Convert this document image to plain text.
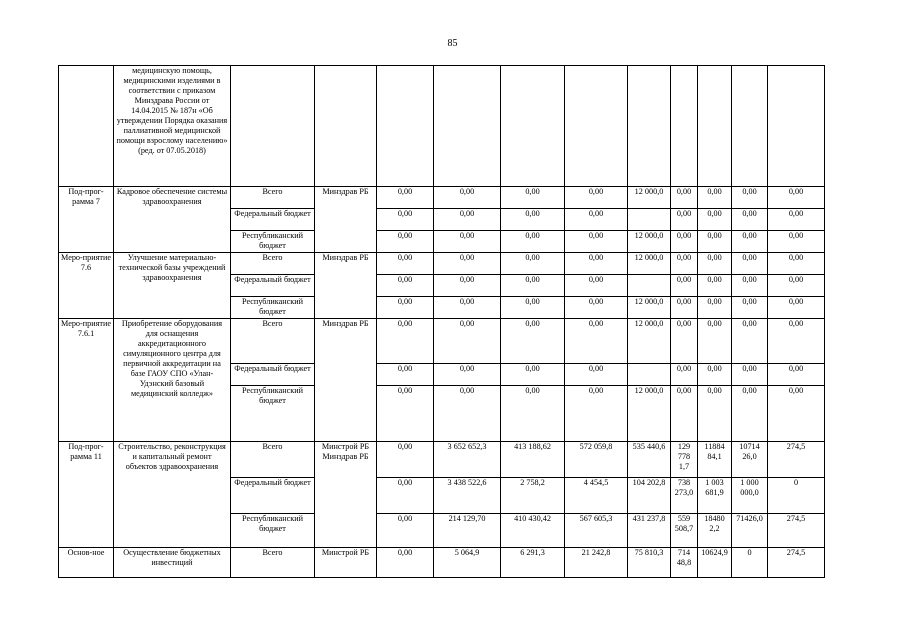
85
	медицинскую помощь, медицинскими изделиями в соответствии с приказом Минздрава России от 14.04.2015 № 187н «Об утверждении Порядка оказания паллиативной медицинской помощи взрослому населению» (ред. от 07.05.2018)											
Под-прог-рамма 7	Кадровое обеспечение системы здравоохранения	Всего	Минздрав РБ	0,00	0,00	0,00	0,00	12 000,0	0,00	0,00	0,00	0,00
		Федеральный бюджет		0,00	0,00	0,00	0,00		0,00	0,00	0,00	0,00
		Республиканский бюджет		0,00	0,00	0,00	0,00	12 000,0	0,00	0,00	0,00	0,00
Меро-приятие 7.6	Улучшение материально-технической базы учреждений здравоохранения	Всего	Минздрав РБ	0,00	0,00	0,00	0,00	12 000,0	0,00	0,00	0,00	0,00
		Федеральный бюджет		0,00	0,00	0,00	0,00		0,00	0,00	0,00	0,00
		Республиканский бюджет		0,00	0,00	0,00	0,00	12 000,0	0,00	0,00	0,00	0,00
Меро-приятие 7.6.1	Приобретение оборудования для оснащения аккредитационного симуляционного центра для первичной аккредитации на базе ГАОУ СПО «Улан-Удэнский базовый медицинский колледж»	Всего	Минздрав РБ	0,00	0,00	0,00	0,00	12 000,0	0,00	0,00	0,00	0,00
		Федеральный бюджет		0,00	0,00	0,00	0,00		0,00	0,00	0,00	0,00
		Республиканский бюджет		0,00	0,00	0,00	0,00	12 000,0	0,00	0,00	0,00	0,00
Под-прог-рамма 11	Строительство, реконструкция и капитальный ремонт объектов здравоохранения	Всего	Минстрой РБ Минздрав РБ	0,00	3 652 652,3	413 188,62	572 059,8	535 440,6	129 778 1,7	11884 84,1	10714 26,0	274,5
		Федеральный бюджет		0,00	3 438 522,6	2 758,2	4 454,5	104 202,8	738 273,0	1 003 681,9	1 000 000,0	0
		Республиканский бюджет		0,00	214 129,70	410 430,42	567 605,3	431 237,8	559 508,7	18480 2,2	71426,0	274,5
Основ-ное	Осуществление бюджетных инвестиций	Всего	Минстрой РБ	0,00	5 064,9	6 291,3	21 242,8	75 810,3	714 48,8	10624,9	0	274,5
